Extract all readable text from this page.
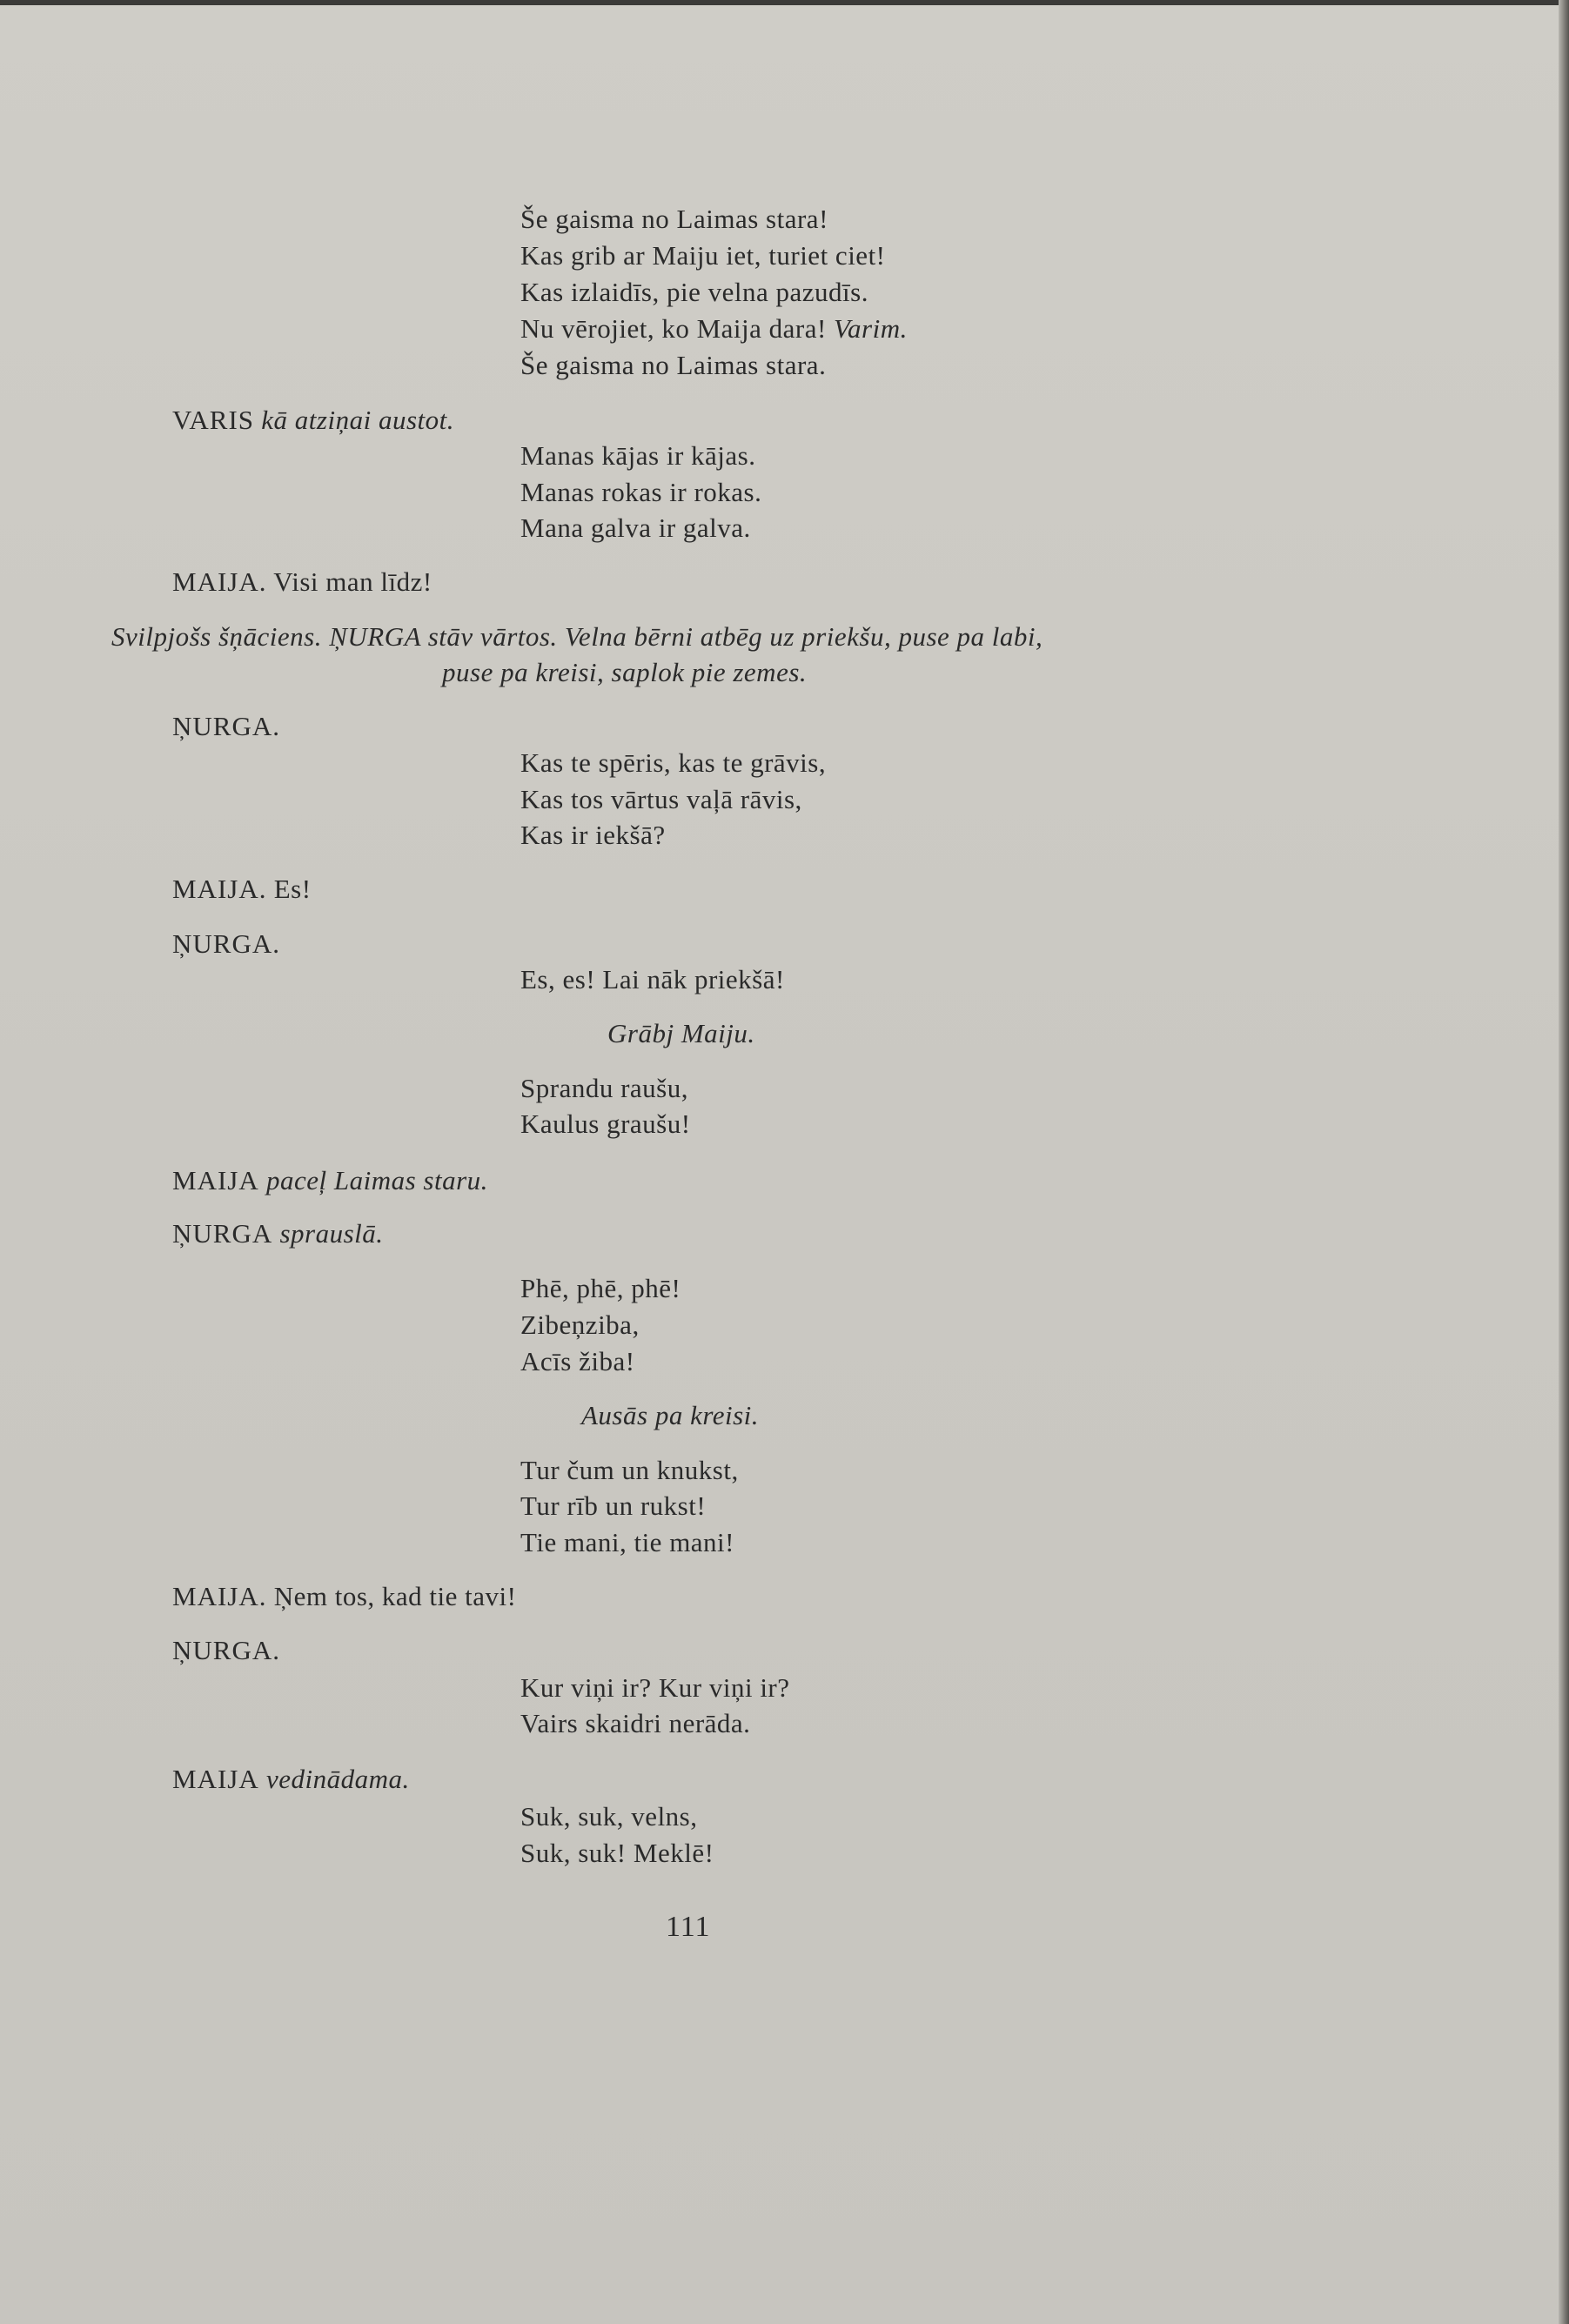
Še gaisma no Laimas stara!
Kas grib ar Maiju iet, turiet ciet!
Kas izlaidīs, pie velna pazudīs.
Nu vērojiet, ko Maija dara! Varim.
Še gaisma no Laimas stara.
VARIS kā atziņai austot.
Manas kājas ir kājas.
Manas rokas ir rokas.
Mana galva ir galva.
MAIJA. Visi man līdz!
Svilpjošs šņāciens. ŅURGA stāv vārtos. Velna bērni atbēg uz priekšu, puse pa labi,
puse pa kreisi, saplok pie zemes.
ŅURGA.
Kas te spēris, kas te grāvis,
Kas tos vārtus vaļā rāvis,
Kas ir iekšā?
MAIJA. Es!
ŅURGA.
Es, es! Lai nāk priekšā!
Grābj Maiju.
Sprandu raušu,
Kaulus graušu!
MAIJA paceļ Laimas staru.
ŅURGA sprauslā.
Phē, phē, phē!
Zibeņziba,
Acīs žiba!
Ausās pa kreisi.
Tur čum un knukst,
Tur rīb un rukst!
Tie mani, tie mani!
MAIJA. Ņem tos, kad tie tavi!
ŅURGA.
Kur viņi ir? Kur viņi ir?
Vairs skaidri nerāda.
MAIJA vedinādama.
Suk, suk, velns,
Suk, suk! Meklē!
111
